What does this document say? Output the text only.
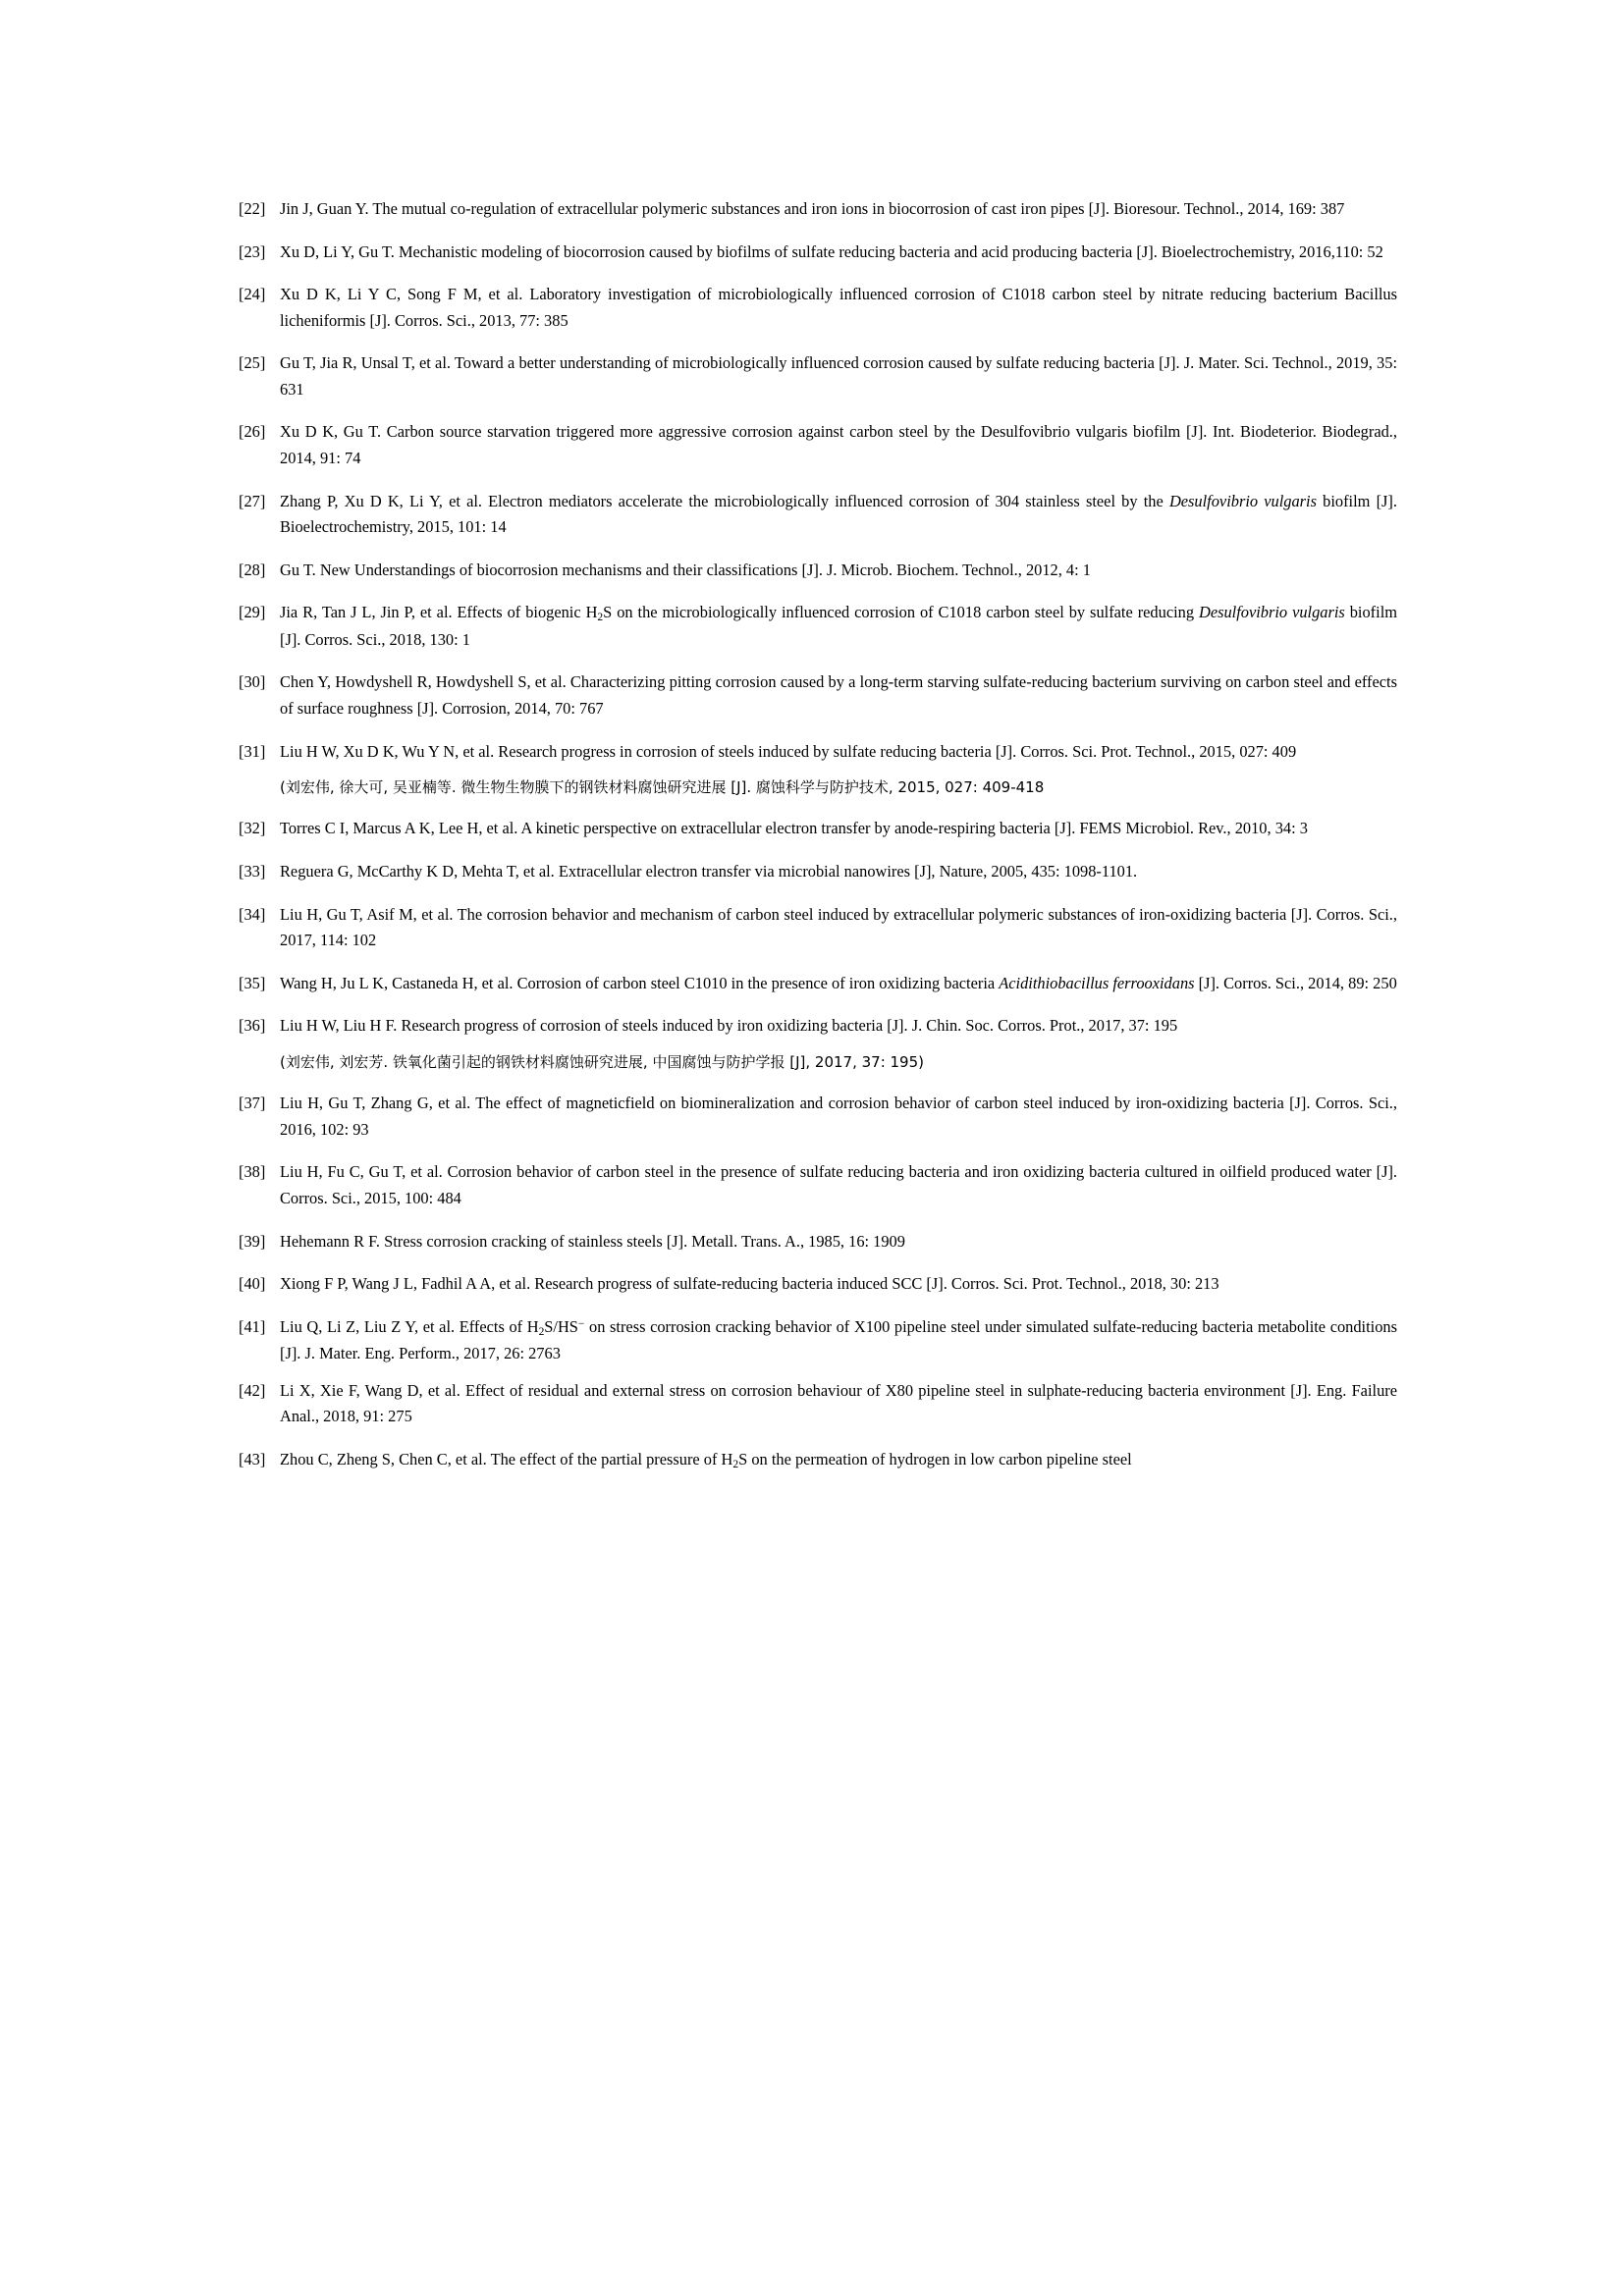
[22] Jin J, Guan Y. The mutual co-regulation of extracellular polymeric substances and iron ions in biocorrosion of cast iron pipes [J]. Bioresour. Technol., 2014, 169: 387
[23] Xu D, Li Y, Gu T. Mechanistic modeling of biocorrosion caused by biofilms of sulfate reducing bacteria and acid producing bacteria [J]. Bioelectrochemistry, 2016,110: 52
[24] Xu D K, Li Y C, Song F M, et al. Laboratory investigation of microbiologically influenced corrosion of C1018 carbon steel by nitrate reducing bacterium Bacillus licheniformis [J]. Corros. Sci., 2013, 77: 385
[25] Gu T, Jia R, Unsal T, et al. Toward a better understanding of microbiologically influenced corrosion caused by sulfate reducing bacteria [J]. J. Mater. Sci. Technol., 2019, 35: 631
[26] Xu D K, Gu T. Carbon source starvation triggered more aggressive corrosion against carbon steel by the Desulfovibrio vulgaris biofilm [J]. Int. Biodeterior. Biodegrad., 2014, 91: 74
[27] Zhang P, Xu D K, Li Y, et al. Electron mediators accelerate the microbiologically influenced corrosion of 304 stainless steel by the Desulfovibrio vulgaris biofilm [J]. Bioelectrochemistry, 2015, 101: 14
[28] Gu T. New Understandings of biocorrosion mechanisms and their classifications [J]. J. Microb. Biochem. Technol., 2012, 4: 1
[29] Jia R, Tan J L, Jin P, et al. Effects of biogenic $H_2S$ on the microbiologically influenced corrosion of C1018 carbon steel by sulfate reducing Desulfovibrio vulgaris biofilm [J]. Corros. Sci., 2018, 130: 1
[30] Chen Y, Howdyshell R, Howdyshell S, et al. Characterizing pitting corrosion caused by a long-term starving sulfate-reducing bacterium surviving on carbon steel and effects of surface roughness [J]. Corrosion, 2014, 70: 767
[31] Liu H W, Xu D K, Wu Y N, et al. Research progress in corrosion of steels induced by sulfate reducing bacteria [J]. Corros. Sci. Prot. Technol., 2015, 027: 409
(刘宏伟, 徐大可, 吴亚楠等. 微生物生物膜下的钢铁材料腐蚀研究进展 [J]. 腐蚀科学与防护技术, 2015, 027: 409-418
[32] Torres C I, Marcus A K, Lee H, et al. A kinetic perspective on extracellular electron transfer by anode-respiring bacteria [J]. FEMS Microbiol. Rev., 2010, 34: 3
[33] Reguera G, McCarthy K D, Mehta T, et al. Extracellular electron transfer via microbial nanowires [J], Nature, 2005, 435: 1098-1101.
[34] Liu H, Gu T, Asif M, et al. The corrosion behavior and mechanism of carbon steel induced by extracellular polymeric substances of iron-oxidizing bacteria [J]. Corros. Sci., 2017, 114: 102
[35] Wang H, Ju L K, Castaneda H, et al. Corrosion of carbon steel C1010 in the presence of iron oxidizing bacteria Acidithiobacillus ferrooxidans [J]. Corros. Sci., 2014, 89: 250
[36] Liu H W, Liu H F. Research progress of corrosion of steels induced by iron oxidizing bacteria [J]. J. Chin. Soc. Corros. Prot., 2017, 37: 195
(刘宏伟, 刘宏芳. 铁氧化菌引起的钢铁材料腐蚀研究进展, 中国腐蚀与防护学报 [J], 2017, 37: 195)
[37] Liu H, Gu T, Zhang G, et al. The effect of magneticfield on biomineralization and corrosion behavior of carbon steel induced by iron-oxidizing bacteria [J]. Corros. Sci., 2016, 102: 93
[38] Liu H, Fu C, Gu T, et al. Corrosion behavior of carbon steel in the presence of sulfate reducing bacteria and iron oxidizing bacteria cultured in oilfield produced water [J]. Corros. Sci., 2015, 100: 484
[39] Hehemann R F. Stress corrosion cracking of stainless steels [J]. Metall. Trans. A., 1985, 16: 1909
[40] Xiong F P, Wang J L, Fadhil A A, et al. Research progress of sulfate-reducing bacteria induced SCC [J]. Corros. Sci. Prot. Technol., 2018, 30: 213
[41] Liu Q, Li Z, Liu Z Y, et al. Effects of $H_2S/HS^-$ on stress corrosion cracking behavior of X100 pipeline steel under simulated sulfate-reducing bacteria metabolite conditions [J]. J. Mater. Eng. Perform., 2017, 26: 2763
[42] Li X, Xie F, Wang D, et al. Effect of residual and external stress on corrosion behaviour of X80 pipeline steel in sulphate-reducing bacteria environment [J]. Eng. Failure Anal., 2018, 91: 275
[43] Zhou C, Zheng S, Chen C, et al. The effect of the partial pressure of $H_2S$ on the permeation of hydrogen in low carbon pipeline steel
